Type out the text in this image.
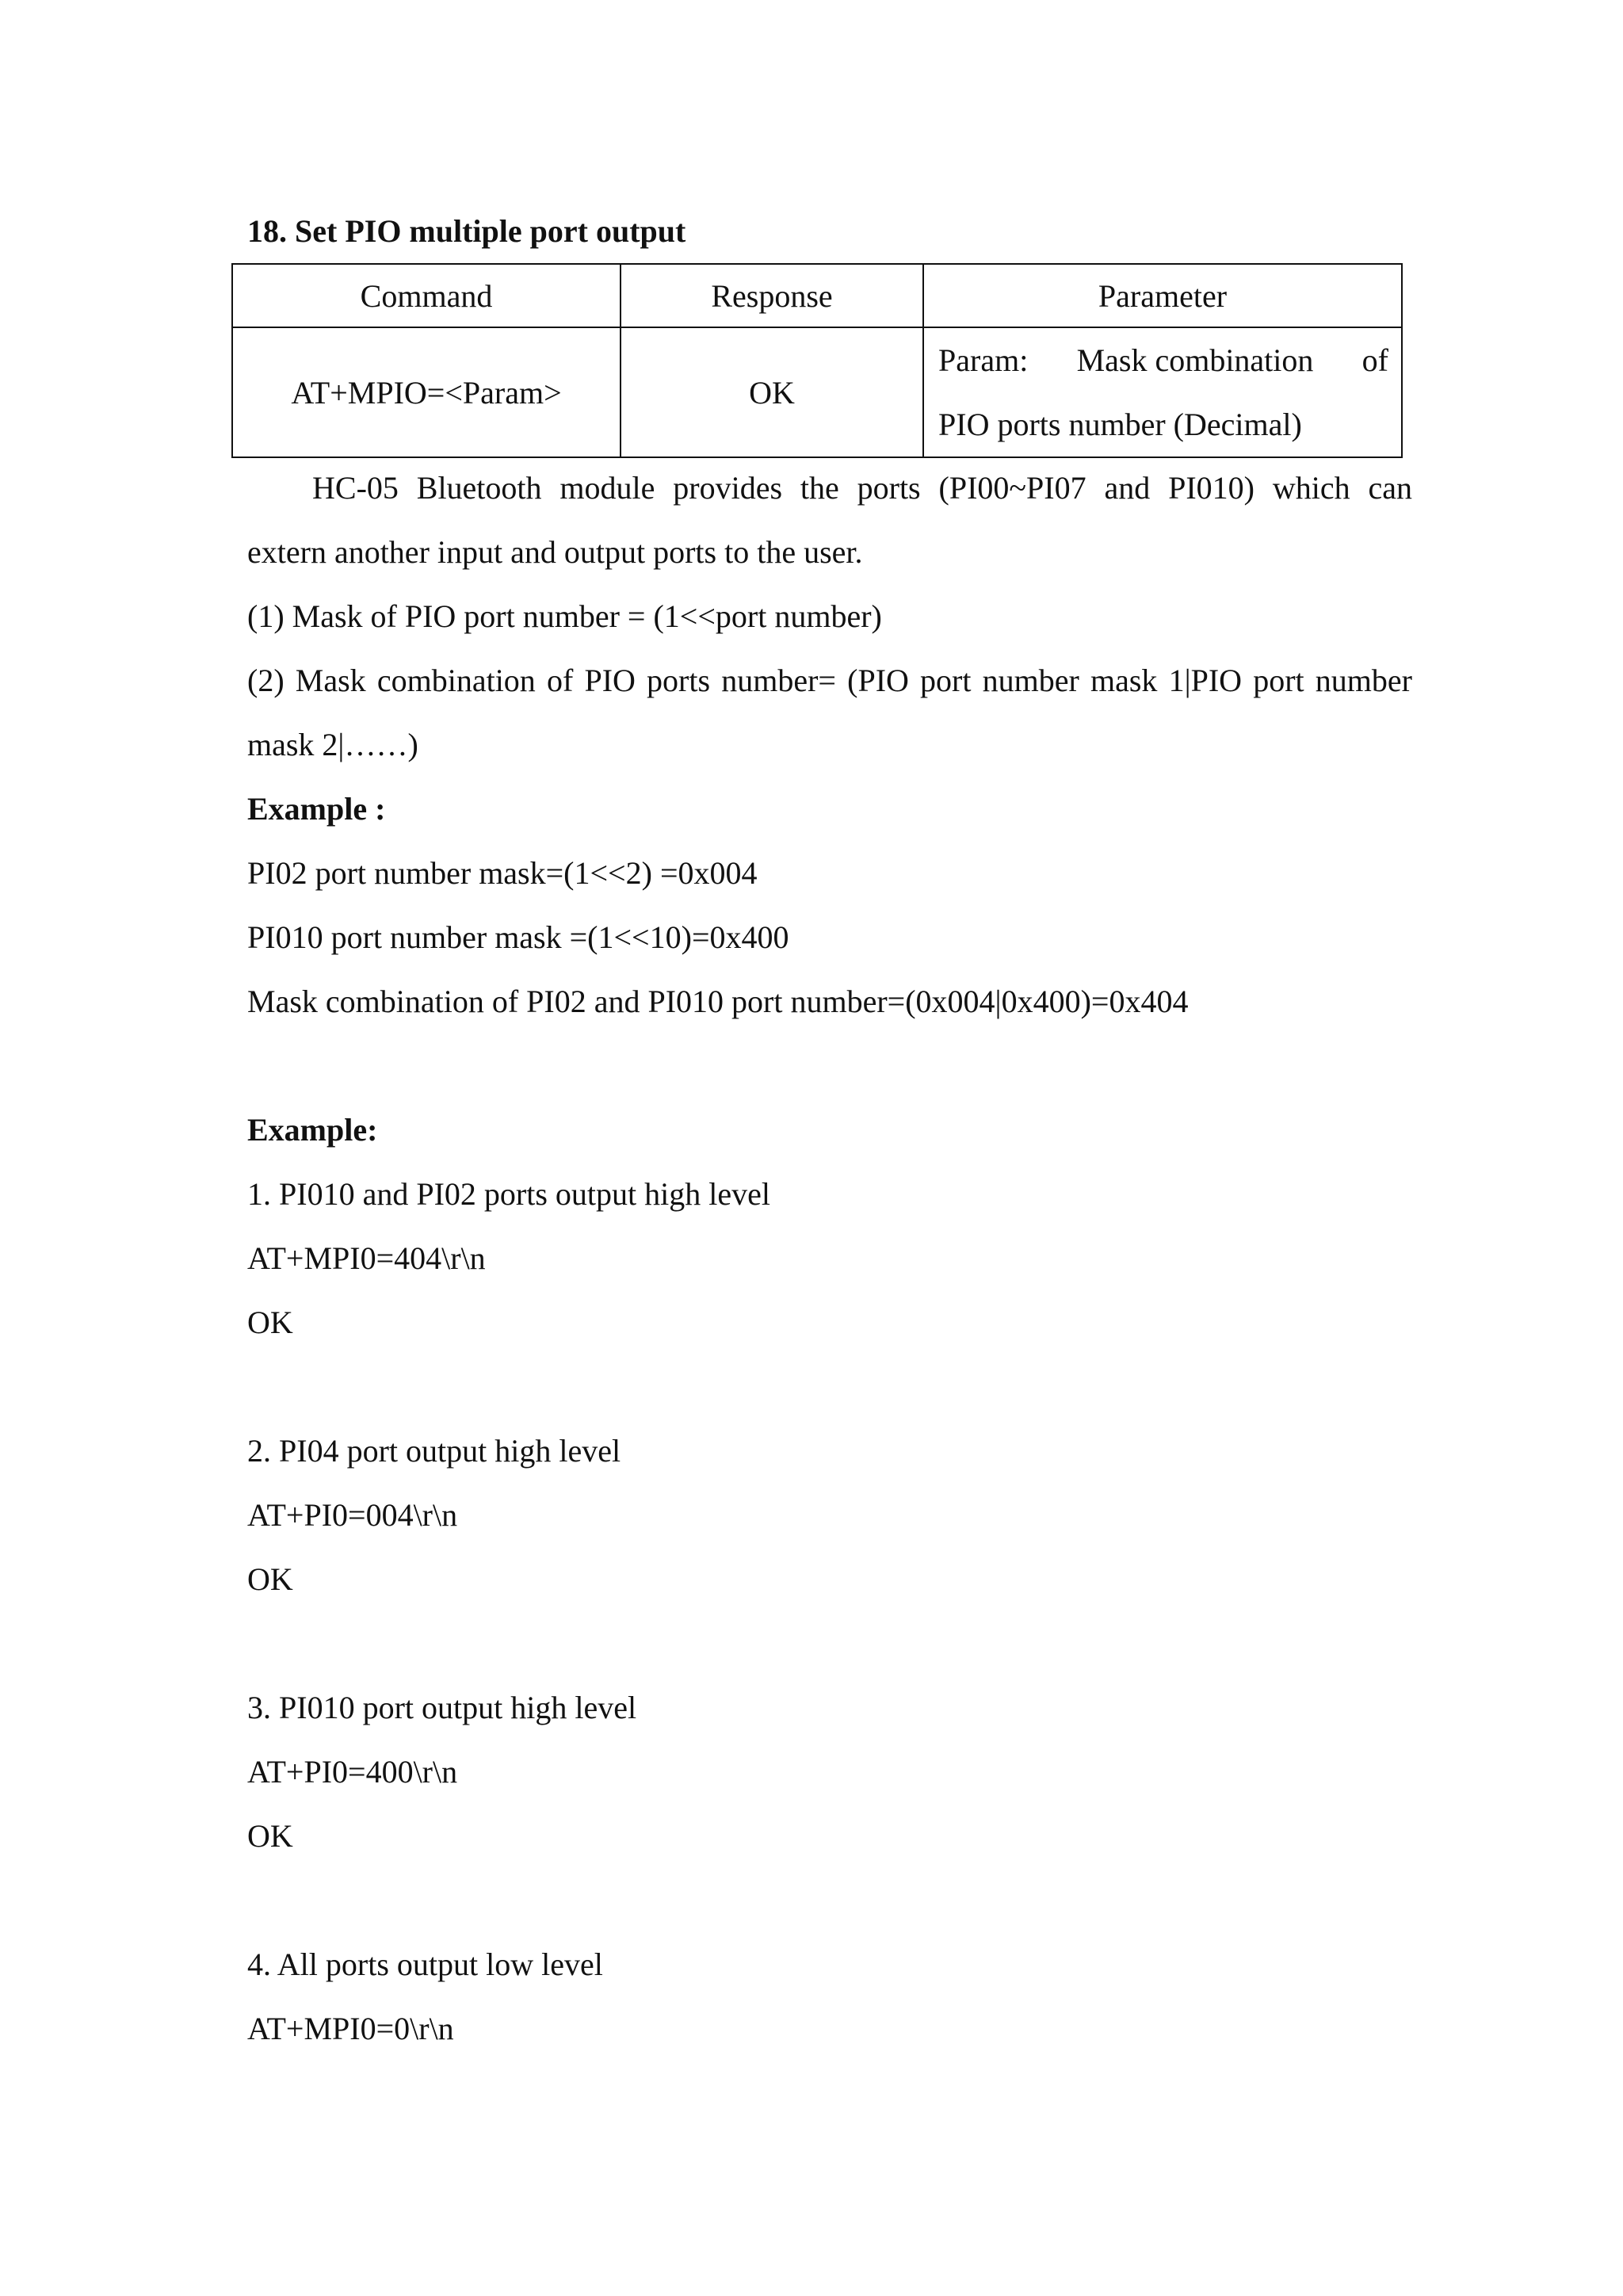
18. Set PIO multiple port output
Command	Response	Parameter
AT+MPIO=<Param>	OK	Param: Mask combination of
PIO ports number (Decimal)
HC-05 Bluetooth module provides the ports (PI00~PI07 and PI010) which can
extern another input and output ports to the user.
(1) Mask of PIO port number = (1<<port number)
(2) Mask combination of PIO ports number= (PIO port number mask 1|PIO port number
mask 2|……)
Example :
PI02 port number mask=(1<<2) =0x004
PI010 port number mask =(1<<10)=0x400
Mask combination of PI02 and PI010 port number=(0x004|0x400)=0x404
Example:
1. PI010 and PI02 ports output high level
AT+MPI0=404\r\n
OK
2. PI04 port output high level
AT+PI0=004\r\n
OK
3. PI010 port output high level
AT+PI0=400\r\n
OK
4. All ports output low level
AT+MPI0=0\r\n
